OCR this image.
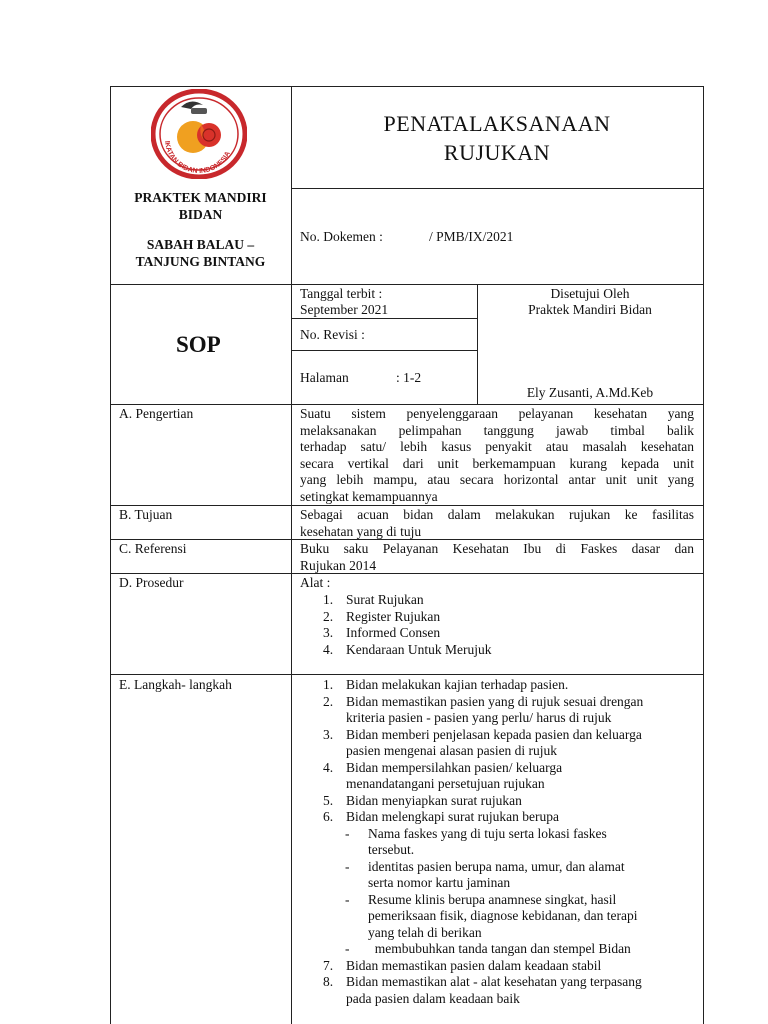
IKATAN BIDAN INDONESIA
PRAKTEK MANDIRI
BIDAN
SABAH BALAU –
TANJUNG BINTANG
PENATALAKSANAAN
RUJUKAN
No. Dokemen :	/ PMB/IX/2021
SOP
Tanggal terbit :
September 2021
No. Revisi :
Halaman	: 1-2
Disetujui Oleh
Praktek Mandiri Bidan
Ely Zusanti, A.Md.Keb
A. Pengertian	Suatu sistem penyelenggaraan pelayanan kesehatan yang
melaksanakan pelimpahan tanggung jawab timbal balik
terhadap satu/ lebih kasus penyakit atau masalah kesehatan
secara vertikal dari unit berkemampuan kurang kepada unit
yang lebih mampu, atau secara horizontal antar unit unit yang
setingkat kemampuannya
B. Tujuan	Sebagai acuan bidan dalam melakukan rujukan ke fasilitas
kesehatan yang di tuju
C. Referensi	Buku saku Pelayanan Kesehatan Ibu di Faskes dasar dan
Rujukan 2014
D. Prosedur	Alat :
1. Surat Rujukan
2. Register Rujukan
3. Informed Consen
4. Kendaraan Untuk Merujuk
E. Langkah- langkah	1. Bidan melakukan kajian terhadap pasien.
2. Bidan memastikan pasien yang di rujuk sesuai drengan
kriteria pasien - pasien yang perlu/ harus di rujuk
3. Bidan memberi penjelasan kepada pasien dan keluarga
pasien mengenai alasan pasien di rujuk
4. Bidan mempersilahkan pasien/ keluarga
menandatangani persetujuan rujukan
5. Bidan menyiapkan surat rujukan
6. Bidan melengkapi surat rujukan berupa
- Nama faskes yang di tuju serta lokasi faskes
tersebut.
- identitas pasien berupa nama, umur, dan alamat
serta nomor kartu jaminan
- Resume klinis berupa anamnese singkat, hasil
pemeriksaan fisik, diagnose kebidanan, dan terapi
yang telah di berikan
- membubuhkan tanda tangan dan stempel Bidan
7. Bidan memastikan pasien dalam keadaan stabil
8. Bidan memastikan alat - alat kesehatan yang terpasang
pada pasien dalam keadaan baik
